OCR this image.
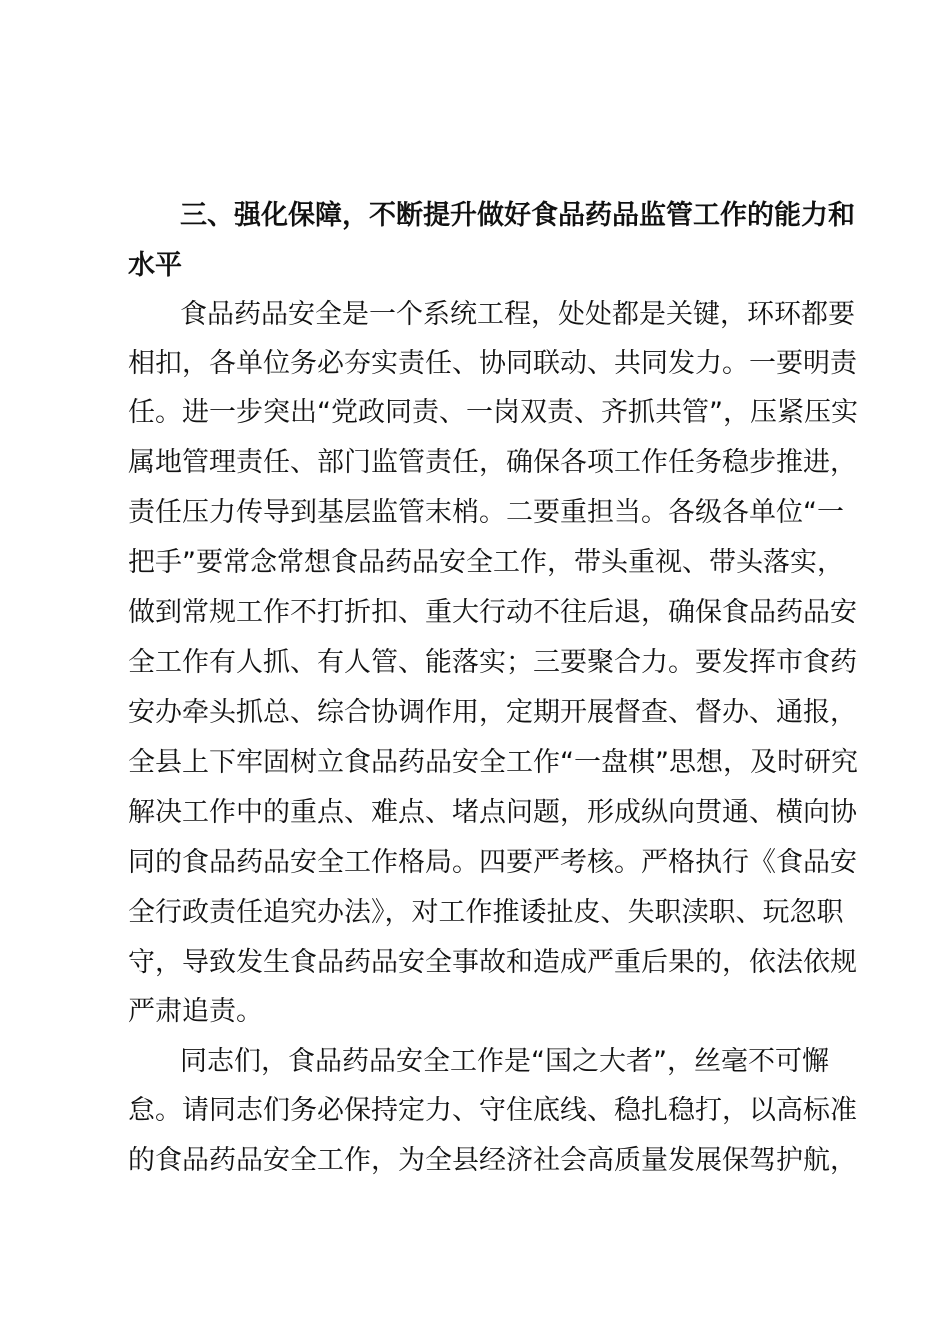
三、强化保障，不断提升做好食品药品监管工作的能力和
水平
食品药品安全是一个系统工程，处处都是关键，环环都要
相扣，各单位务必夯实责任、协同联动、共同发力。一要明责
任。进一步突出“党政同责、一岗双责、齐抓共管”，压紧压实
属地管理责任、部门监管责任，确保各项工作任务稳步推进，
责任压力传导到基层监管末梢。二要重担当。各级各单位“一
把手”要常念常想食品药品安全工作，带头重视、带头落实，
做到常规工作不打折扣、重大行动不往后退，确保食品药品安
全工作有人抓、有人管、能落实；三要聚合力。要发挥市食药
安办牵头抓总、综合协调作用，定期开展督查、督办、通报，
全县上下牢固树立食品药品安全工作“一盘棋”思想，及时研究
解决工作中的重点、难点、堵点问题，形成纵向贯通、横向协
同的食品药品安全工作格局。四要严考核。严格执行《食品安
全行政责任追究办法》，对工作推诿扯皮、失职渎职、玩忽职
守，导致发生食品药品安全事故和造成严重后果的，依法依规
严肃追责。
同志们，食品药品安全工作是“国之大者”，丝毫不可懈
怠。请同志们务必保持定力、守住底线、稳扎稳打，以高标准
的食品药品安全工作，为全县经济社会高质量发展保驾护航，
